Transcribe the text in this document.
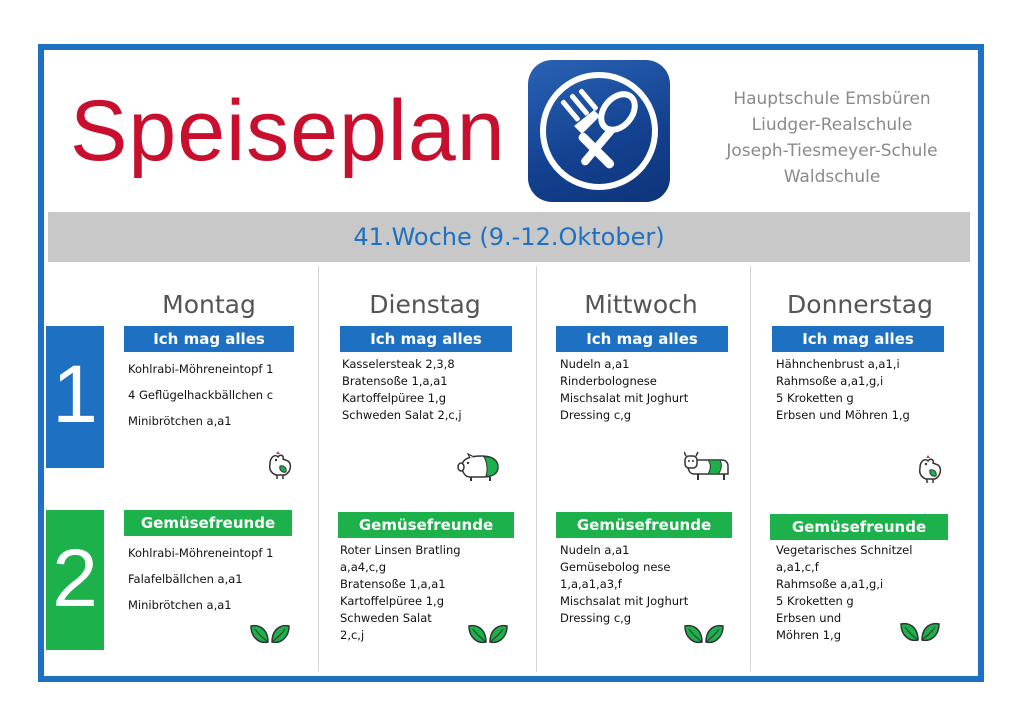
Speiseplan	Hauptschule Emsbüren
Liudger-Realschule
Joseph-Tiesmeyer-Schule
Waldschule
41.Woche (9.-12.Oktober)
1
2
Montag
Ich mag alles
Kohlrabi-Möhreneintopf 1
4 Geflügelhackbällchen c
Minibrötchen a,a1
Gemüsefreunde
Kohlrabi-Möhreneintopf 1
Falafelbällchen a,a1
Minibrötchen a,a1
Dienstag
Ich mag alles
Kasselersteak 2,3,8
Bratensoße 1,a,a1
Kartoffelpüree 1,g
Schweden Salat 2,c,j
Gemüsefreunde
Roter Linsen Bratling
a,a4,c,g
Bratensoße 1,a,a1
Kartoffelpüree 1,g
Schweden Salat
2,c,j
Mittwoch
Ich mag alles
Nudeln a,a1
Rinderbolognese
Mischsalat mit Joghurt
Dressing c,g
Gemüsefreunde
Nudeln a,a1
Gemüsebolog nese
1,a,a1,a3,f
Mischsalat mit Joghurt
Dressing c,g
Donnerstag
Ich mag alles
Hähnchenbrust a,a1,i
Rahmsoße a,a1,g,i
5 Kroketten g
Erbsen und Möhren 1,g
Gemüsefreunde
Vegetarisches Schnitzel
a,a1,c,f
Rahmsoße a,a1,g,i
5 Kroketten g
Erbsen und
Möhren 1,g
